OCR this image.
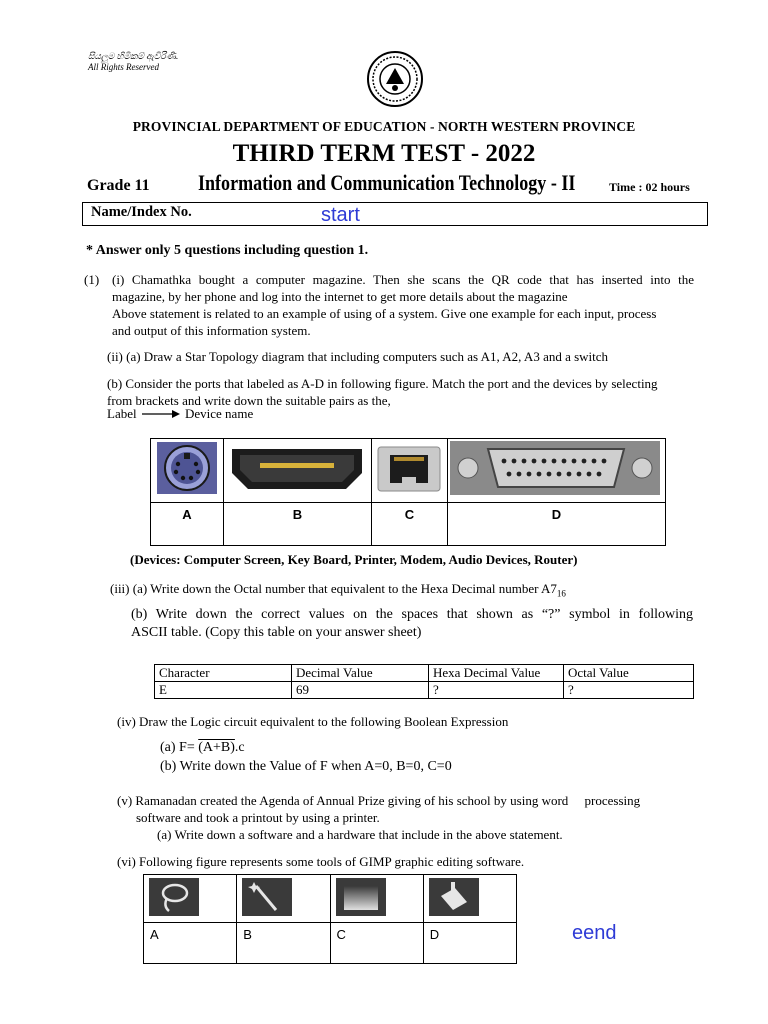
සියලුම හිමිකම් ඇවිරිණි.
All Rights Reserved
PROVINCIAL DEPARTMENT OF EDUCATION - NORTH WESTERN PROVINCE
THIRD TERM TEST - 2022
Grade 11 Information and Communication Technology - II	Time : 02 hours
Name/Index No.	start
* Answer only 5 questions including question 1.
(1) (i) Chamathka bought a computer magazine. Then she scans the QR code that has inserted into the
magazine, by her phone and log into the internet to get more details about the magazine
Above statement is related to an example of using of a system. Give one example for each input, process
and output of this information system.
(ii) (a) Draw a Star Topology diagram that including computers such as A1, A2, A3 and a switch
(b) Consider the ports that labeled as A-D in following figure. Match the port and the devices by selecting
from brackets and write down the suitable pairs as the,
Label	Device name

A	B	C	D
(Devices: Computer Screen, Key Board, Printer, Modem, Audio Devices, Router)
(iii) (a) Write down the Octal number that equivalent to the Hexa Decimal number $A7_{16}$
(b) Write down the correct values on the spaces that shown as “?” symbol in following
ASCII table. (Copy this table on your answer sheet)
Character	Decimal Value	Hexa Decimal Value	Octal Value
E	69	?	?
(iv) Draw the Logic circuit equivalent to the following Boolean Expression
(a) F= (A+B).c
(b) Write down the Value of F when A=0, B=0, C=0
(v) Ramanadan created the Agenda of Annual Prize giving of his school by using word     processing
software and took a printout by using a printer.
(a) Write down a software and a hardware that include in the above statement.
(vi) Following figure represents some tools of GIMP graphic editing software.

A	B	C	D	eend
